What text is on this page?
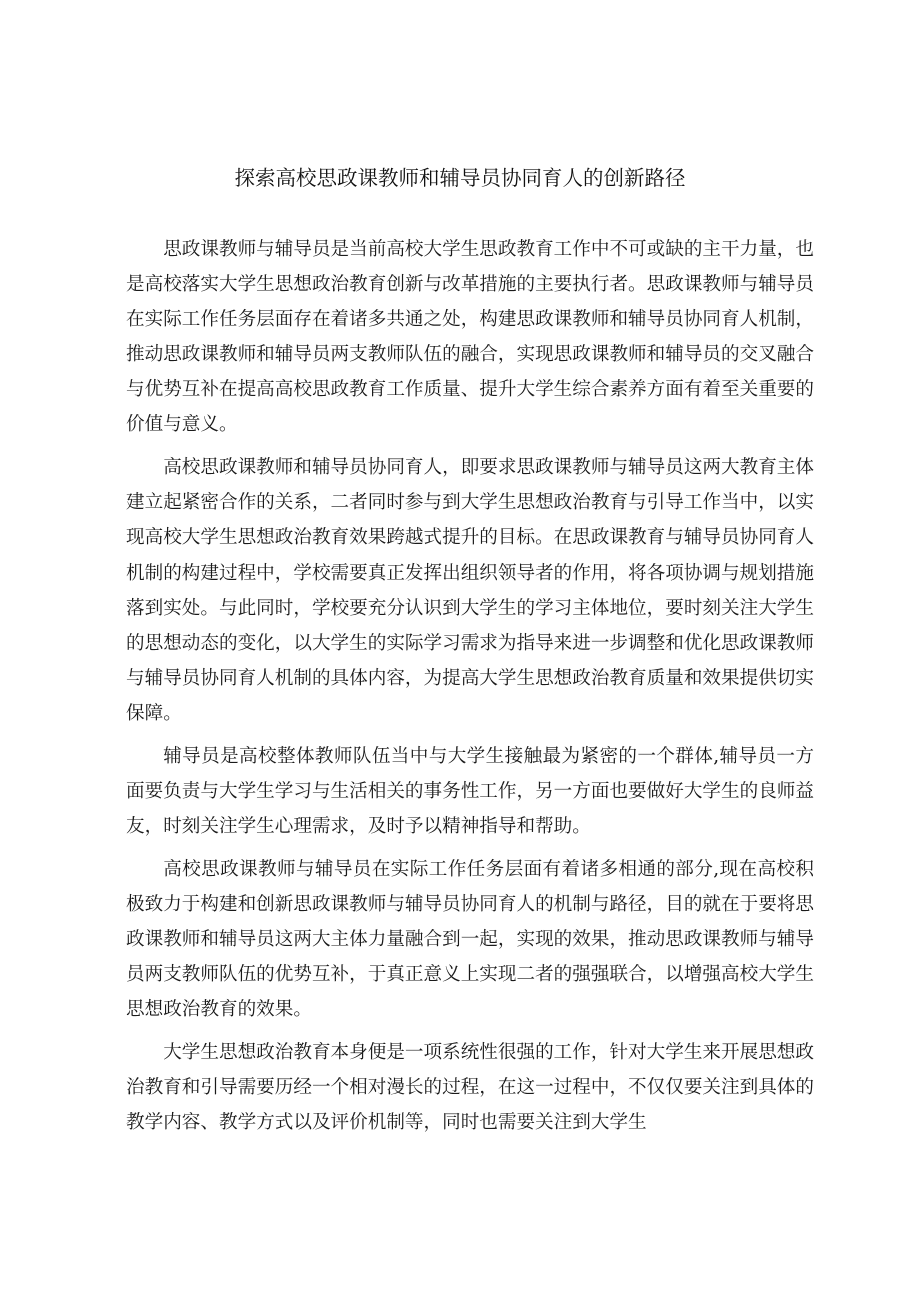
探索高校思政课教师和辅导员协同育人的创新路径

思政课教师与辅导员是当前高校大学生思政教育工作中不可或缺的主干力量，也是高校落实大学生思想政治教育创新与改革措施的主要执行者。思政课教师与辅导员在实际工作任务层面存在着诸多共通之处，构建思政课教师和辅导员协同育人机制，推动思政课教师和辅导员两支教师队伍的融合，实现思政课教师和辅导员的交叉融合与优势互补在提高高校思政教育工作质量、提升大学生综合素养方面有着至关重要的价值与意义。

高校思政课教师和辅导员协同育人，即要求思政课教师与辅导员这两大教育主体建立起紧密合作的关系，二者同时参与到大学生思想政治教育与引导工作当中，以实现高校大学生思想政治教育效果跨越式提升的目标。在思政课教育与辅导员协同育人机制的构建过程中，学校需要真正发挥出组织领导者的作用，将各项协调与规划措施落到实处。与此同时，学校要充分认识到大学生的学习主体地位，要时刻关注大学生的思想动态的变化，以大学生的实际学习需求为指导来进一步调整和优化思政课教师与辅导员协同育人机制的具体内容，为提高大学生思想政治教育质量和效果提供切实保障。

辅导员是高校整体教师队伍当中与大学生接触最为紧密的一个群体,辅导员一方面要负责与大学生学习与生活相关的事务性工作，另一方面也要做好大学生的良师益友，时刻关注学生心理需求，及时予以精神指导和帮助。

高校思政课教师与辅导员在实际工作任务层面有着诸多相通的部分,现在高校积极致力于构建和创新思政课教师与辅导员协同育人的机制与路径，目的就在于要将思政课教师和辅导员这两大主体力量融合到一起，实现的效果，推动思政课教师与辅导员两支教师队伍的优势互补，于真正意义上实现二者的强强联合，以增强高校大学生思想政治教育的效果。

大学生思想政治教育本身便是一项系统性很强的工作，针对大学生来开展思想政治教育和引导需要历经一个相对漫长的过程，在这一过程中，不仅仅要关注到具体的教学内容、教学方式以及评价机制等，同时也需要关注到大学生
